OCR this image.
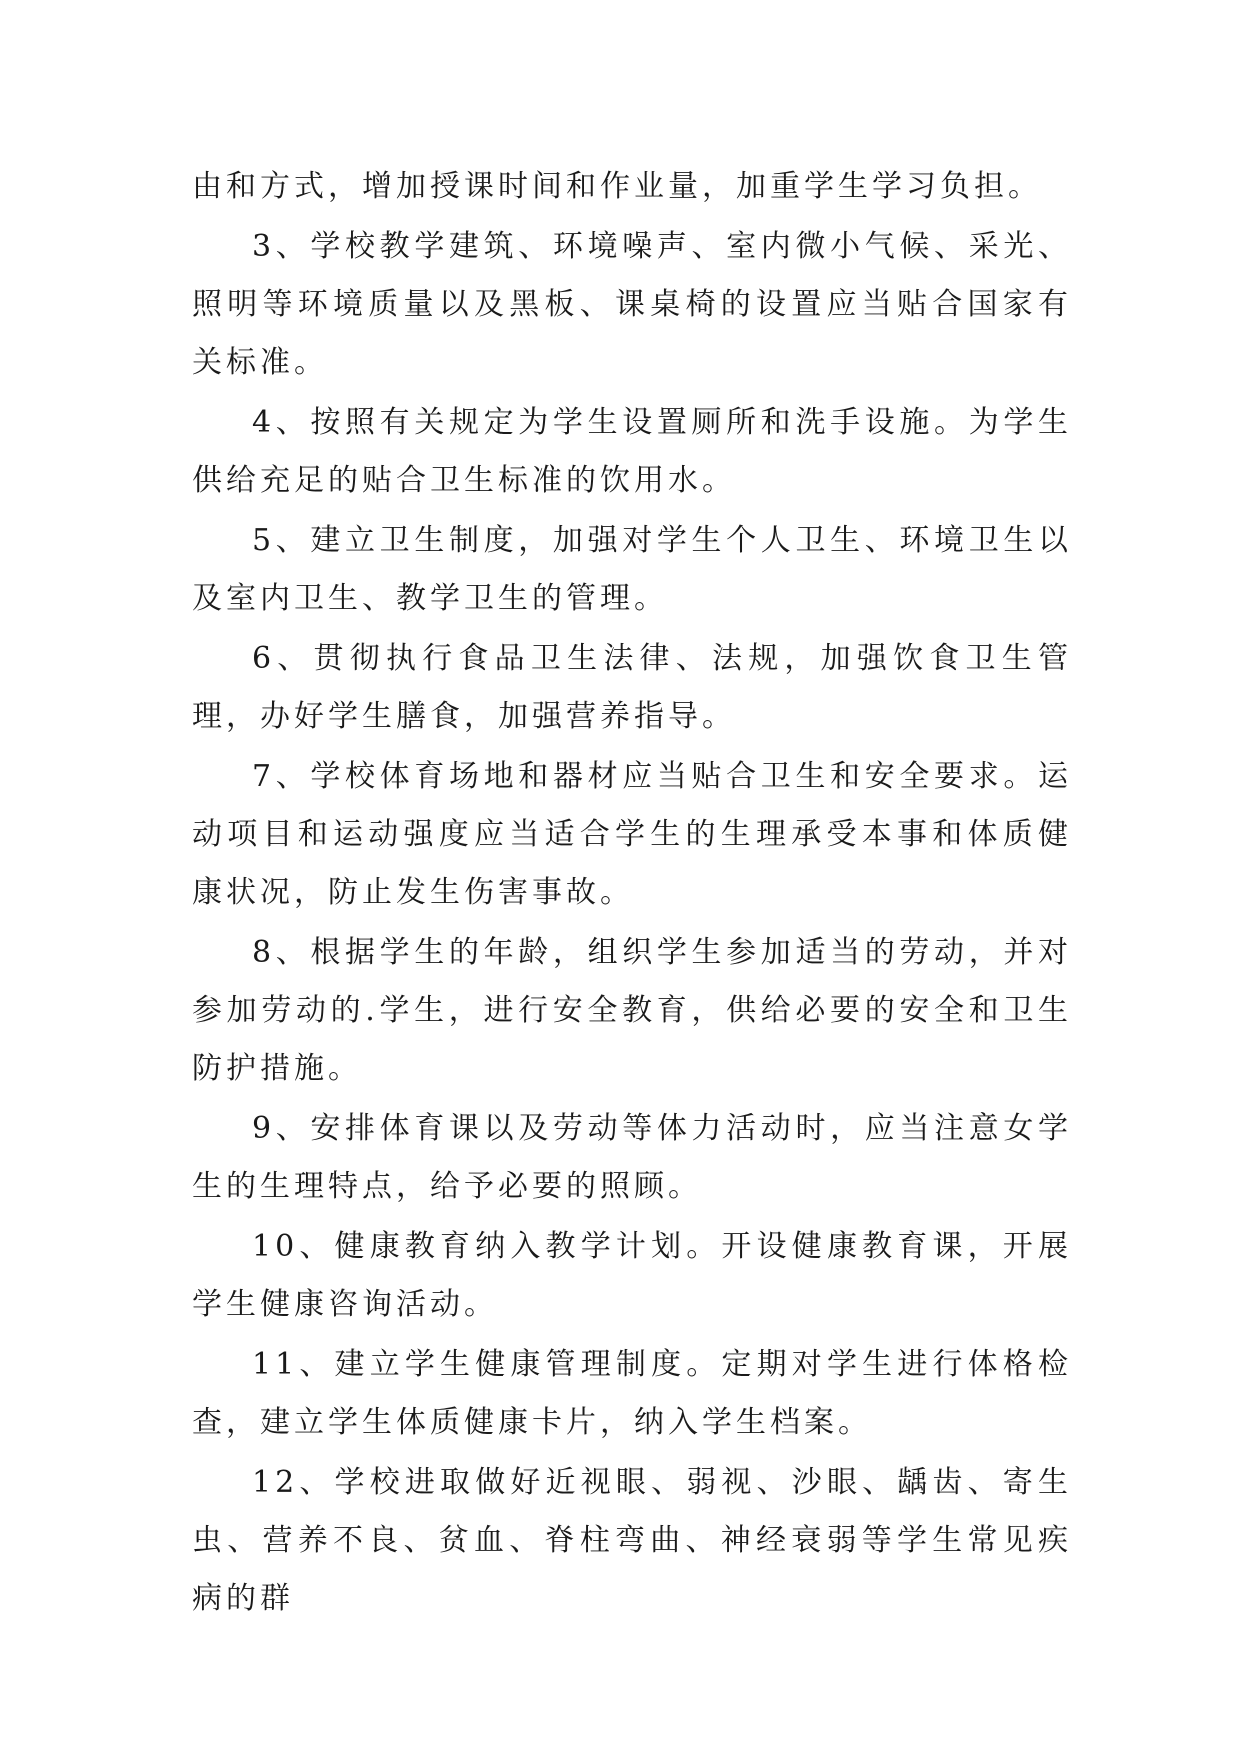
由和方式，增加授课时间和作业量，加重学生学习负担。

3、学校教学建筑、环境噪声、室内微小气候、采光、照明等环境质量以及黑板、课桌椅的设置应当贴合国家有关标准。

4、按照有关规定为学生设置厕所和洗手设施。为学生供给充足的贴合卫生标准的饮用水。

5、建立卫生制度，加强对学生个人卫生、环境卫生以及室内卫生、教学卫生的管理。

6、贯彻执行食品卫生法律、法规，加强饮食卫生管理，办好学生膳食，加强营养指导。

7、学校体育场地和器材应当贴合卫生和安全要求。运动项目和运动强度应当适合学生的生理承受本事和体质健康状况，防止发生伤害事故。

8、根据学生的年龄，组织学生参加适当的劳动，并对参加劳动的.学生，进行安全教育，供给必要的安全和卫生防护措施。

9、安排体育课以及劳动等体力活动时，应当注意女学生的生理特点，给予必要的照顾。

10、健康教育纳入教学计划。开设健康教育课，开展学生健康咨询活动。

11、建立学生健康管理制度。定期对学生进行体格检查，建立学生体质健康卡片，纳入学生档案。

12、学校进取做好近视眼、弱视、沙眼、龋齿、寄生虫、营养不良、贫血、脊柱弯曲、神经衰弱等学生常见疾病的群
